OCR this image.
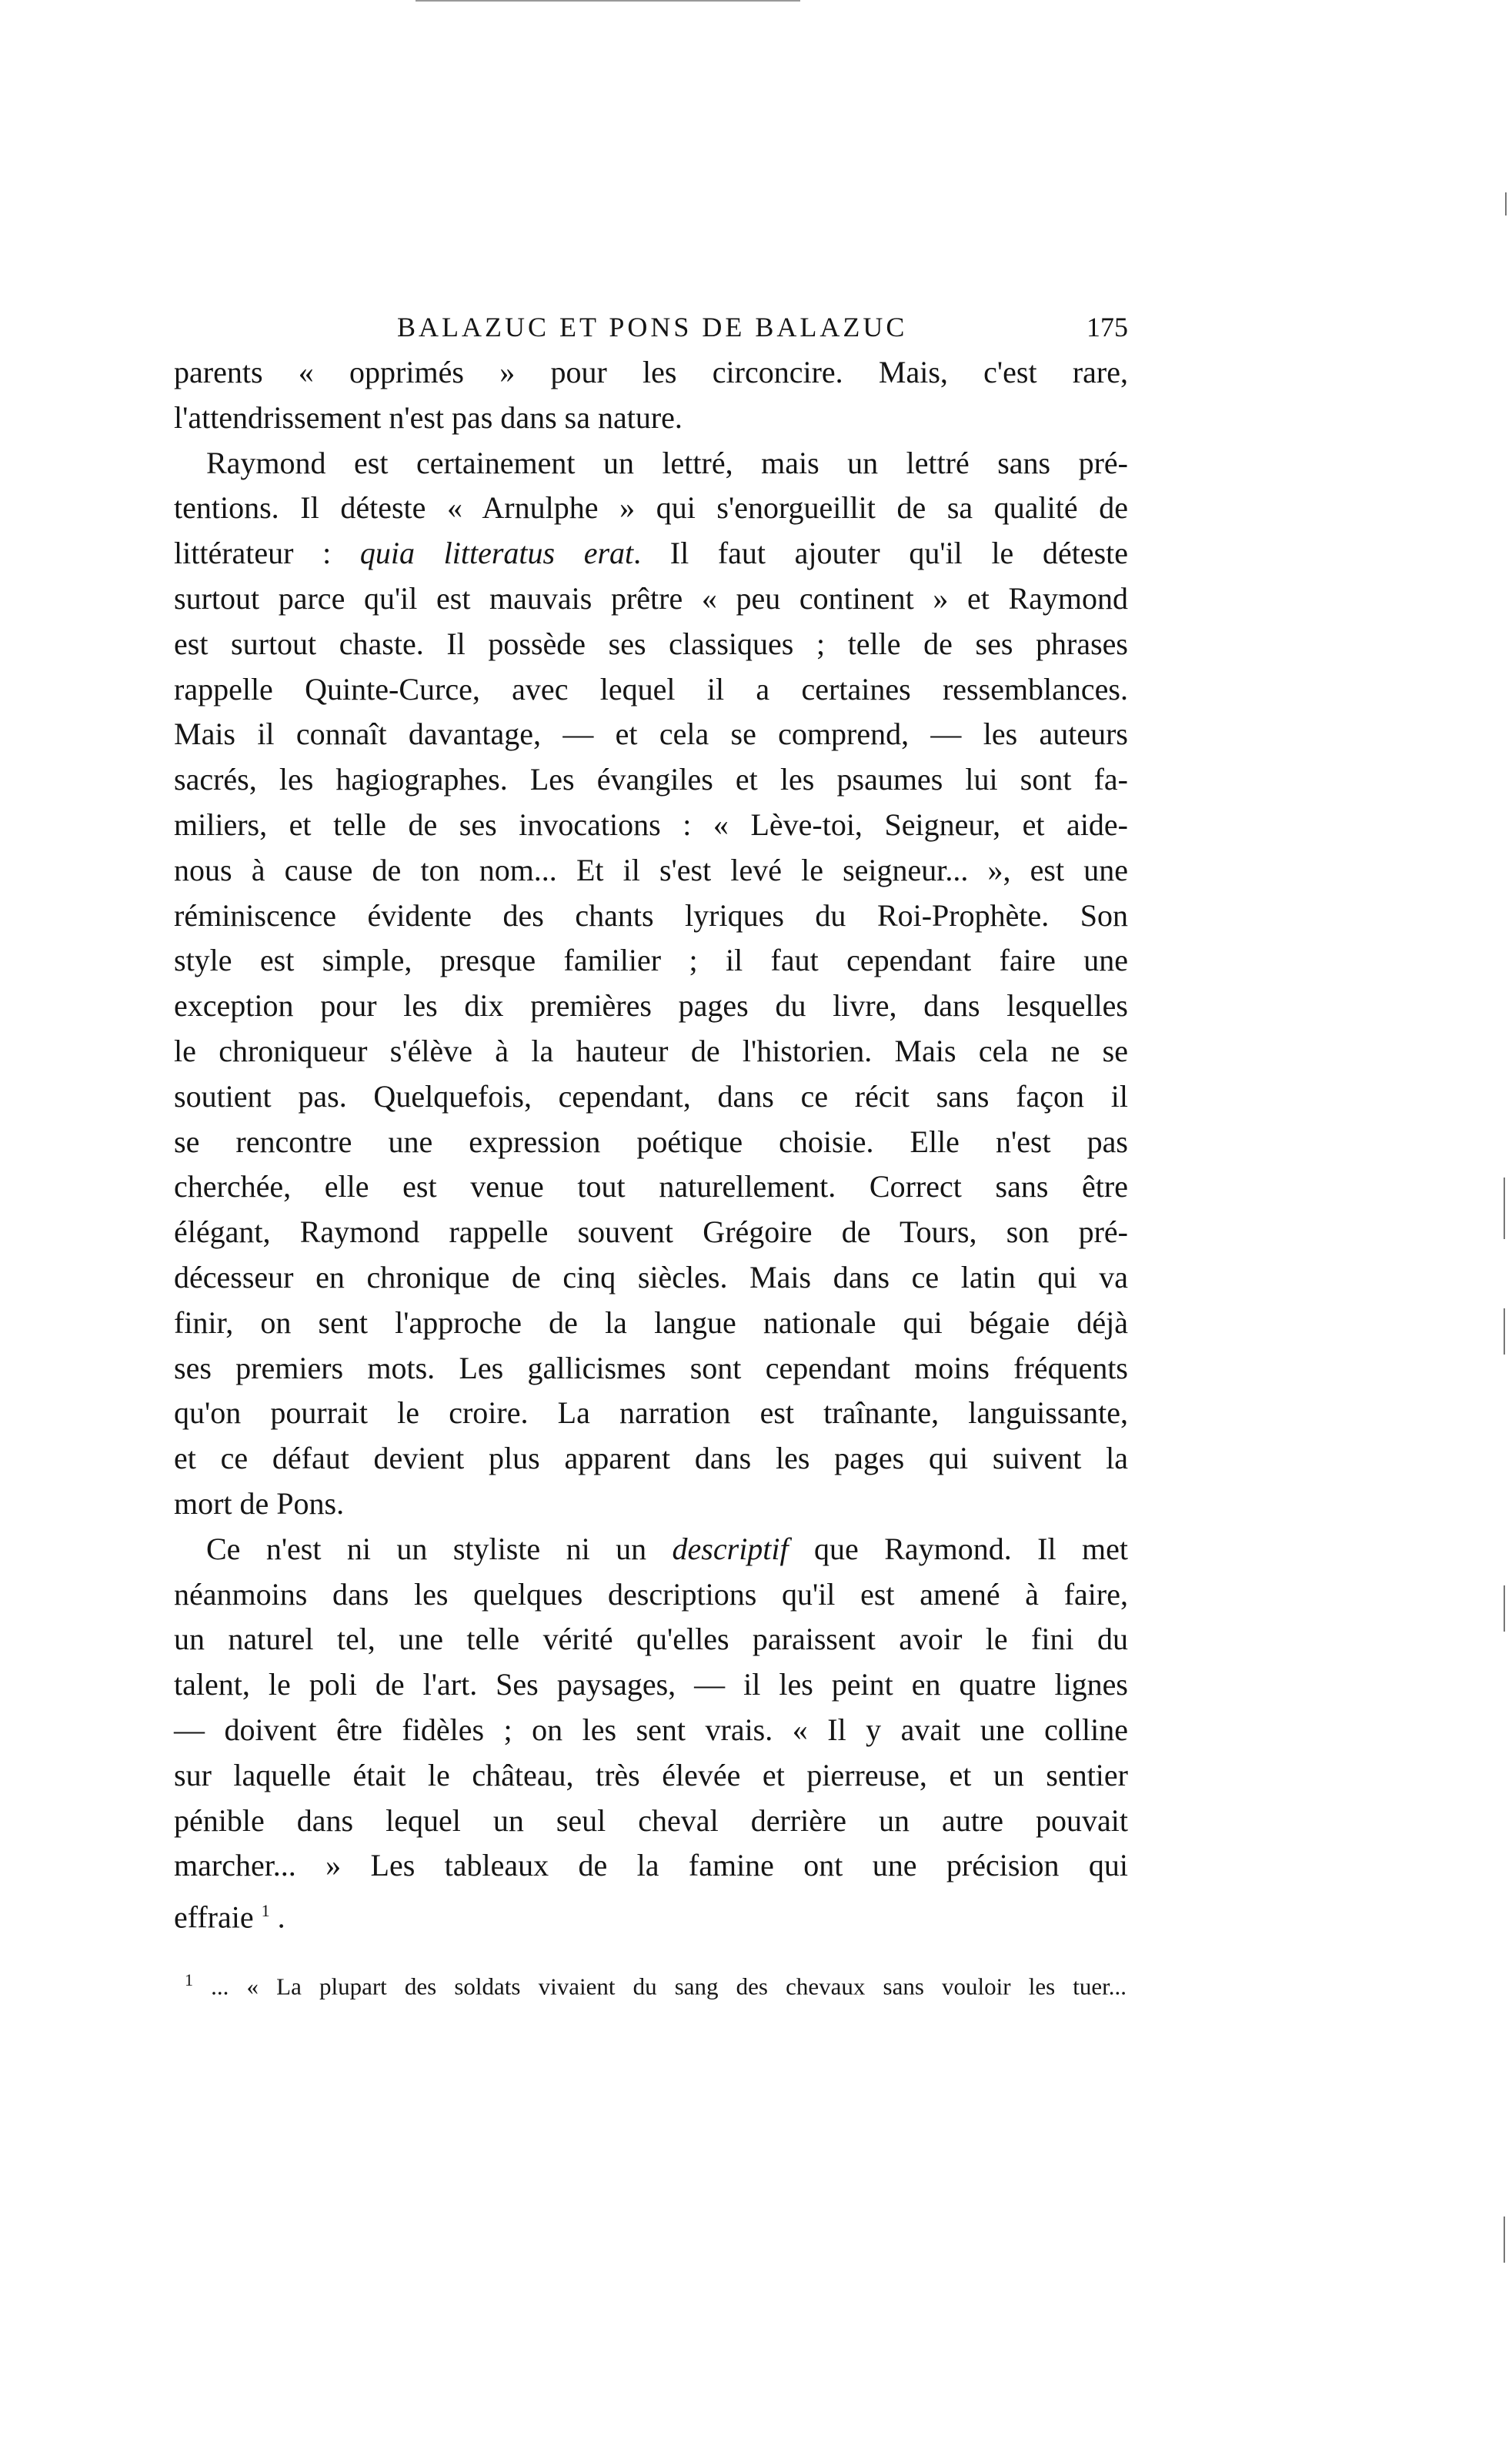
BALAZUC ET PONS DE BALAZUC	175
parents « opprimés » pour les circoncire. Mais, c'est rare,
l'attendrissement n'est pas dans sa nature.
Raymond est certainement un lettré, mais un lettré sans pré-
tentions. Il déteste « Arnulphe » qui s'enorgueillit de sa qualité de
littérateur : quia litteratus erat. Il faut ajouter qu'il le déteste
surtout parce qu'il est mauvais prêtre « peu continent » et Raymond
est surtout chaste. Il possède ses classiques ; telle de ses phrases
rappelle Quinte-Curce, avec lequel il a certaines ressemblances.
Mais il connaît davantage, — et cela se comprend, — les auteurs
sacrés, les hagiographes. Les évangiles et les psaumes lui sont fa-
miliers, et telle de ses invocations : « Lève-toi, Seigneur, et aide-
nous à cause de ton nom... Et il s'est levé le seigneur... », est une
réminiscence évidente des chants lyriques du Roi-Prophète. Son
style est simple, presque familier ; il faut cependant faire une
exception pour les dix premières pages du livre, dans lesquelles
le chroniqueur s'élève à la hauteur de l'historien. Mais cela ne se
soutient pas. Quelquefois, cependant, dans ce récit sans façon il
se rencontre une expression poétique choisie. Elle n'est pas
cherchée, elle est venue tout naturellement. Correct sans être
élégant, Raymond rappelle souvent Grégoire de Tours, son pré-
décesseur en chronique de cinq siècles. Mais dans ce latin qui va
finir, on sent l'approche de la langue nationale qui bégaie déjà
ses premiers mots. Les gallicismes sont cependant moins fréquents
qu'on pourrait le croire. La narration est traînante, languissante,
et ce défaut devient plus apparent dans les pages qui suivent la
mort de Pons.
Ce n'est ni un styliste ni un descriptif que Raymond. Il met
néanmoins dans les quelques descriptions qu'il est amené à faire,
un naturel tel, une telle vérité qu'elles paraissent avoir le fini du
talent, le poli de l'art. Ses paysages, — il les peint en quatre lignes
— doivent être fidèles ; on les sent vrais. « Il y avait une colline
sur laquelle était le château, très élevée et pierreuse, et un sentier
pénible dans lequel un seul cheval derrière un autre pouvait
marcher... » Les tableaux de la famine ont une précision qui
effraie $^1$ .
$^1$ ... « La plupart des soldats vivaient du sang des chevaux sans vouloir les tuer...
